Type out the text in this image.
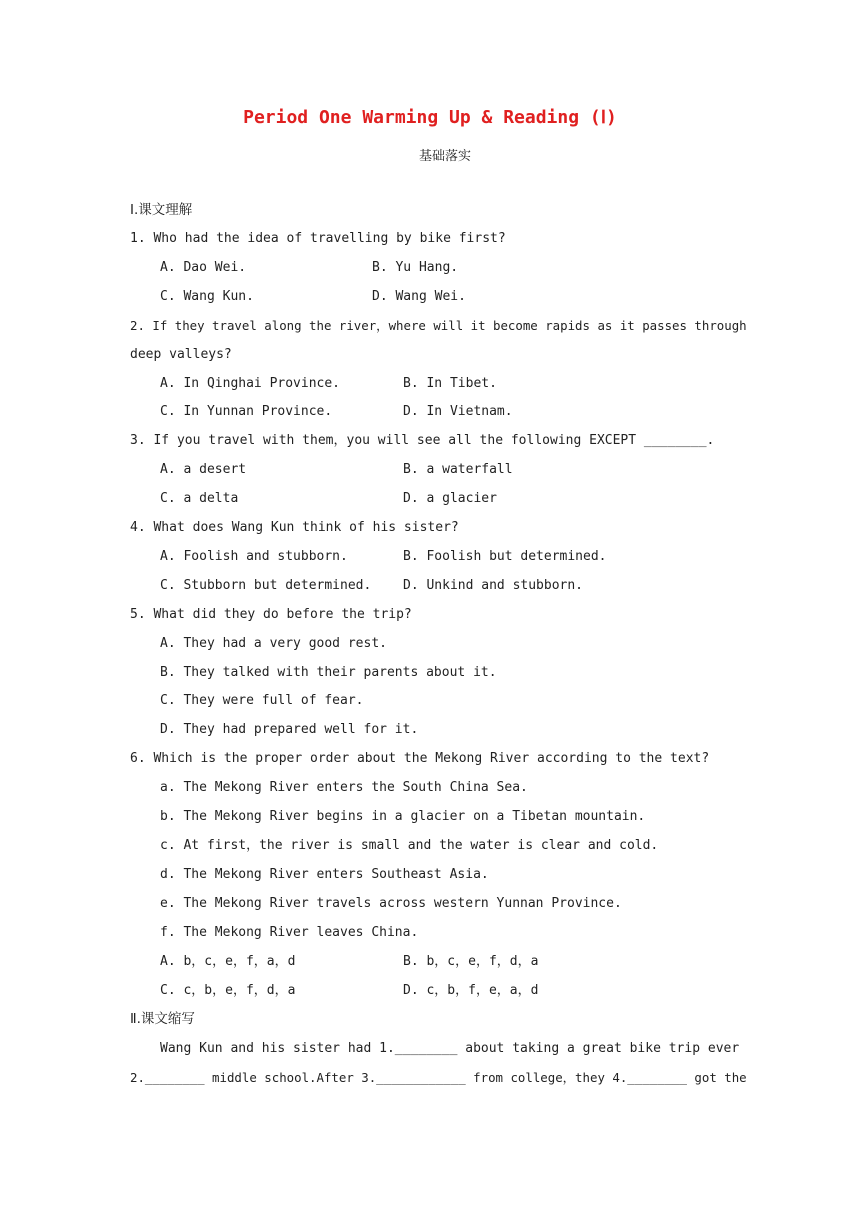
Period One Warming Up & Reading (Ⅰ)
基础落实
Ⅰ.课文理解
1. Who had the idea of travelling by bike first?
A. Dao Wei.	B. Yu Hang.
C. Wang Kun.	D. Wang Wei.
2. If they travel along the river，where will it become rapids as it passes through
deep valleys?
A. In Qinghai Province.	B. In Tibet.
C. In Yunnan Province.	D. In Vietnam.
3. If you travel with them，you will see all the following EXCEPT ________.
A. a desert	B. a waterfall
C. a delta	D. a glacier
4. What does Wang Kun think of his sister?
A. Foolish and stubborn.	B. Foolish but determined.
C. Stubborn but determined. D. Unkind and stubborn.
5. What did they do before the trip?
A. They had a very good rest.
B. They talked with their parents about it.
C. They were full of fear.
D. They had prepared well for it.
6. Which is the proper order about the Mekong River according to the text?
a. The Mekong River enters the South China Sea.
b. The Mekong River begins in a glacier on a Tibetan mountain.
c. At first，the river is small and the water is clear and cold.
d. The Mekong River enters Southeast Asia.
e. The Mekong River travels across western Yunnan Province.
f. The Mekong River leaves China.
A. b，c，e，f，a，d	B. b，c，e，f，d，a
C. c，b，e，f，d，a	D. c，b，f，e，a，d
Ⅱ.课文缩写
Wang Kun and his sister had 1.________ about taking a great bike trip ever
2.________ middle school.After 3.____________ from college，they 4.________ got the
